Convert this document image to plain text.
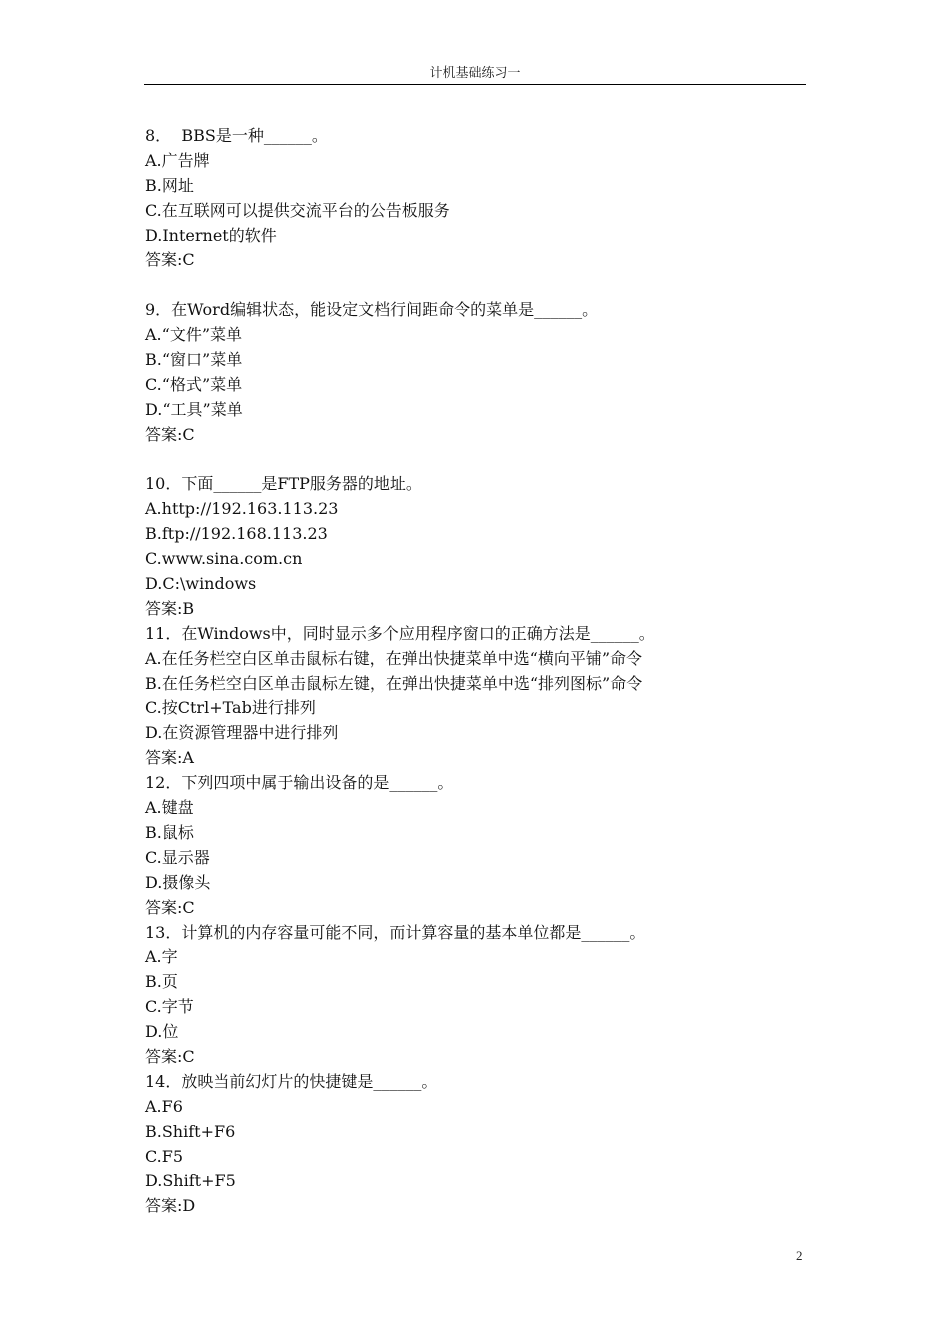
计机基础练习一
8．  BBS是一种______。
A.广告牌
B.网址
C.在互联网可以提供交流平台的公告板服务
D.Internet的软件
答案:C
9．在Word编辑状态，能设定文档行间距命令的菜单是______。
A.“文件”菜单
B.“窗口”菜单
C.“格式”菜单
D.“工具”菜单
答案:C
10．下面______是FTP服务器的地址。
A.http://192.163.113.23
B.ftp://192.168.113.23
C.www.sina.com.cn
D.C:\windows
答案:B
11．在Windows中，同时显示多个应用程序窗口的正确方法是______。
A.在任务栏空白区单击鼠标右键，在弹出快捷菜单中选“横向平铺”命令
B.在任务栏空白区单击鼠标左键，在弹出快捷菜单中选“排列图标”命令
C.按Ctrl+Tab进行排列
D.在资源管理器中进行排列
答案:A
12．下列四项中属于输出设备的是______。
A.键盘
B.鼠标
C.显示器
D.摄像头
答案:C
13．计算机的内存容量可能不同，而计算容量的基本单位都是______。
A.字
B.页
C.字节
D.位
答案:C
14．放映当前幻灯片的快捷键是______。
A.F6
B.Shift+F6
C.F5
D.Shift+F5
答案:D
2
